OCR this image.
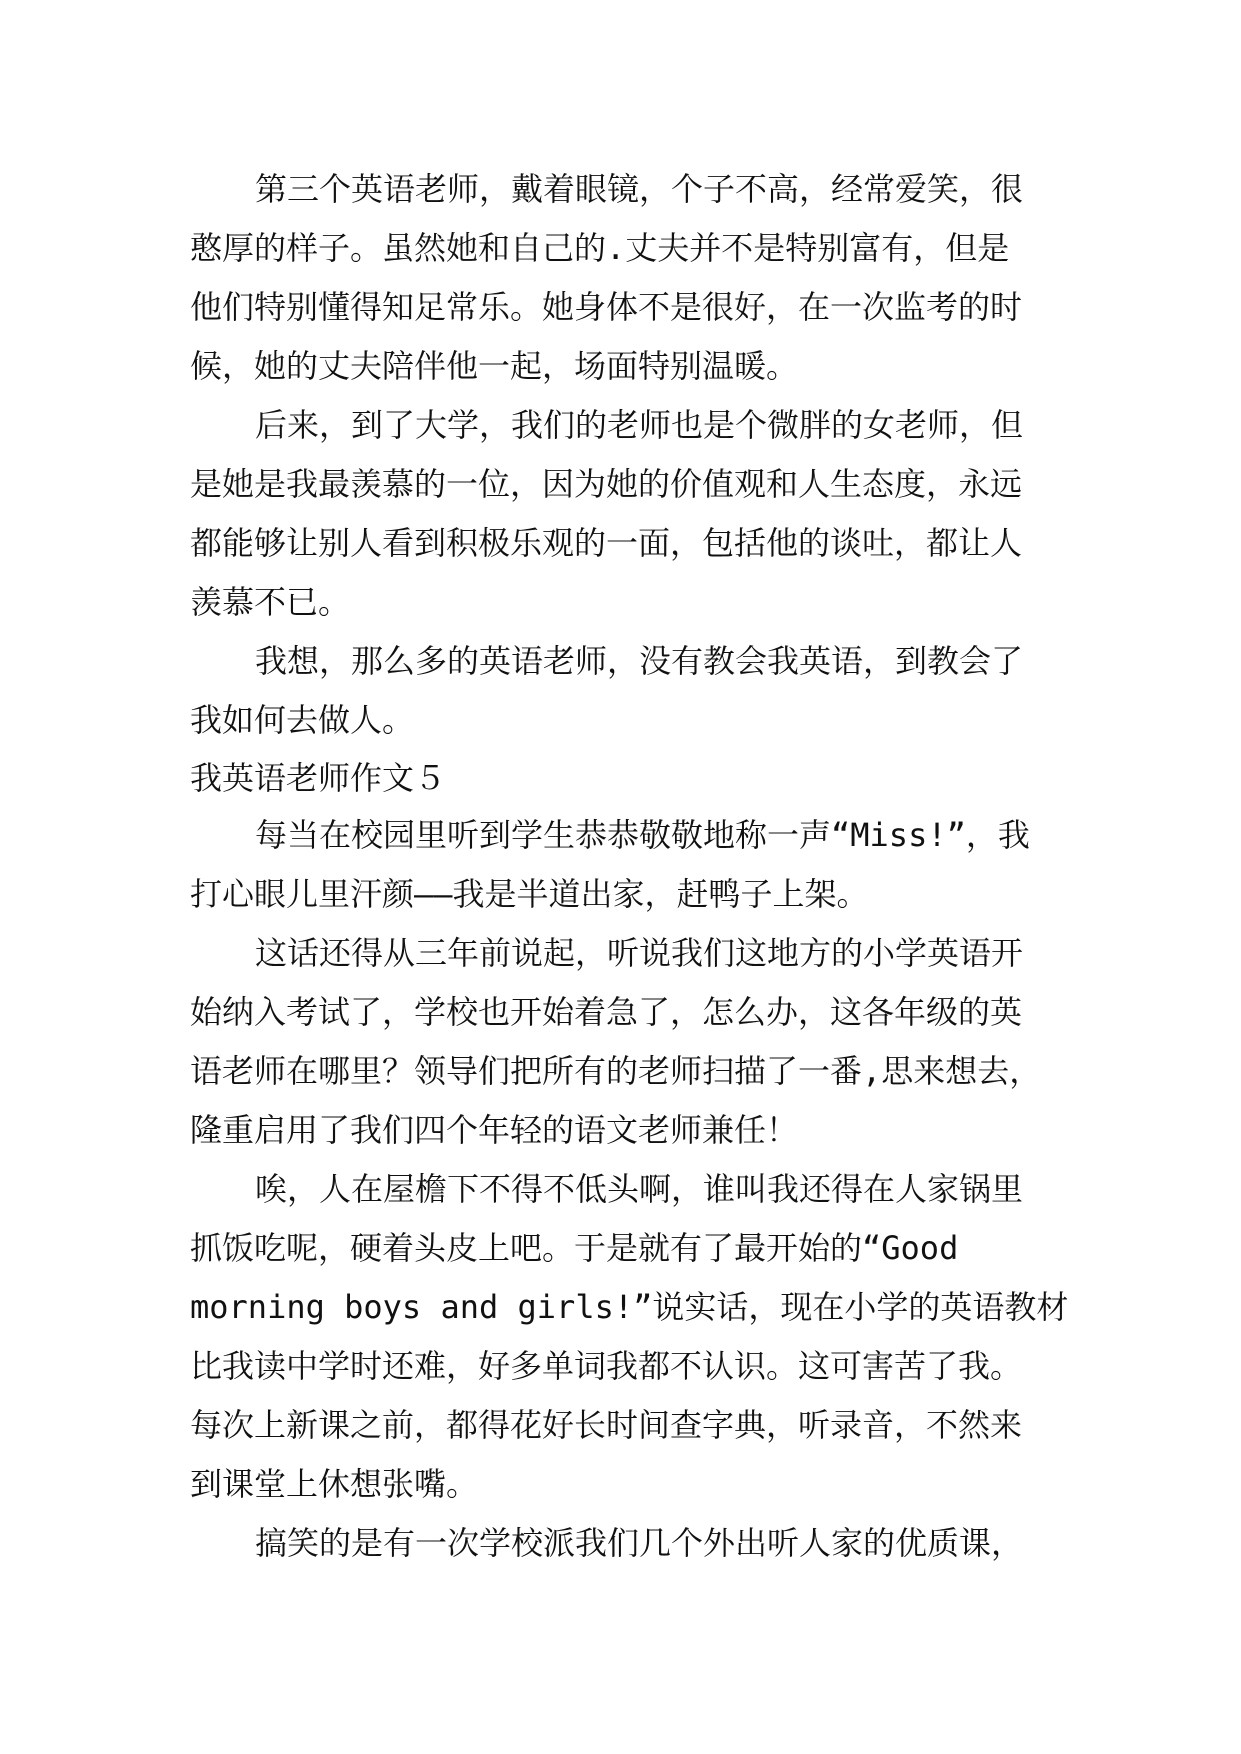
第三个英语老师，戴着眼镜，个子不高，经常爱笑，很
憨厚的样子。虽然她和自己的.丈夫并不是特别富有，但是
他们特别懂得知足常乐。她身体不是很好，在一次监考的时
候，她的丈夫陪伴他一起，场面特别温暖。
后来，到了大学，我们的老师也是个微胖的女老师，但
是她是我最羡慕的一位，因为她的价值观和人生态度，永远
都能够让别人看到积极乐观的一面，包括他的谈吐，都让人
羡慕不已。
我想，那么多的英语老师，没有教会我英语，到教会了
我如何去做人。
我英语老师作文５
每当在校园里听到学生恭恭敬敬地称一声“Miss!”，我
打心眼儿里汗颜——我是半道出家，赶鸭子上架。
这话还得从三年前说起，听说我们这地方的小学英语开
始纳入考试了，学校也开始着急了，怎么办，这各年级的英
语老师在哪里？领导们把所有的老师扫描了一番,思来想去，
隆重启用了我们四个年轻的语文老师兼任！
唉，人在屋檐下不得不低头啊，谁叫我还得在人家锅里
抓饭吃呢，硬着头皮上吧。于是就有了最开始的“Good
morning boys and girls!”说实话，现在小学的英语教材
比我读中学时还难，好多单词我都不认识。这可害苦了我。
每次上新课之前，都得花好长时间查字典，听录音，不然来
到课堂上休想张嘴。
搞笑的是有一次学校派我们几个外出听人家的优质课，
